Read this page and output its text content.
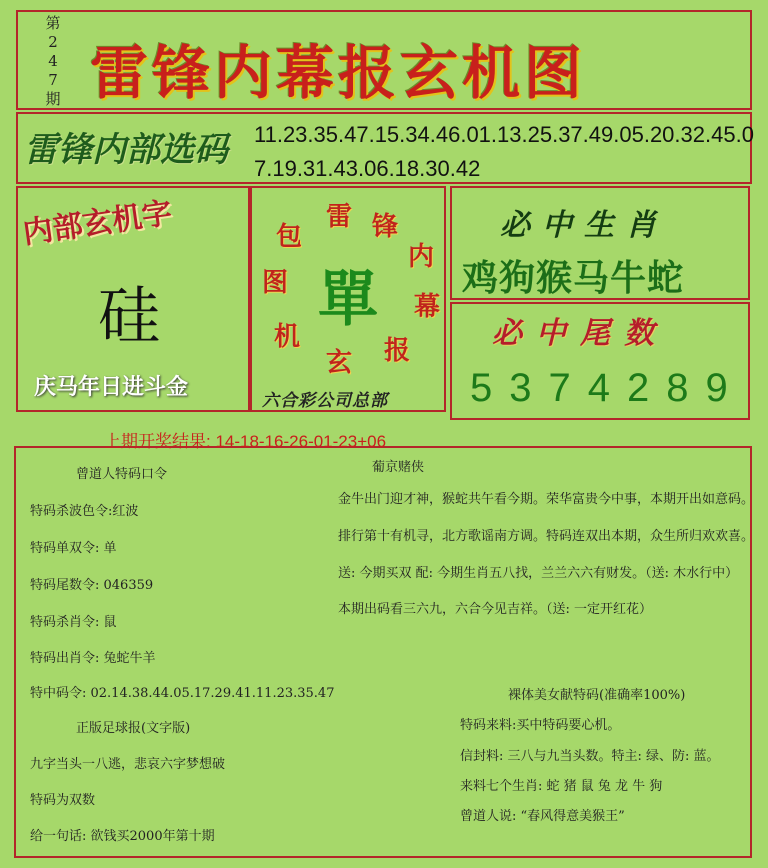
第
2
4
7
期 雷锋内幕报玄机图
雷锋内部选码 11.23.35.47.15.34.46.01.13.25.37.49.05.20.32.45.07.19.31.43.06.18.30.42
内部玄机字
硅
庆马年日进斗金
雷 锋
内
幕
报
玄
机
图
包
單
六合彩公司总部
必中生肖
鸡狗猴马牛蛇
必中尾数
5374289
上期开奖结果: 14-18-16-26-01-23+06
曾道人特码口令
特码杀波色令:红波
特码单双令: 单
特码尾数令: 046359
特码杀肖令: 鼠
特码出肖令: 兔蛇牛羊
特中码令: 02.14.38.44.05.17.29.41.11.23.35.47
正版足球报(文字版)
九字当头一八逃，悲哀六字梦想破
特码为双数
给一句话: 欲钱买2000年第十期
葡京赌侠
金牛出门迎才神，猴蛇共午看今期。荣华富贵今中事，本期开出如意码。
排行第十有机寻，北方歌谣南方调。特码连双出本期，众生所归欢欢喜。
送: 今期买双 配: 今期生肖五八找，兰兰六六有财发。（送: 木水行中）
本期出码看三六九，六合今见吉祥。（送: 一定开红花）
裸体美女献特码(准确率100%)
特码来料:买中特码要心机。
信封料: 三八与九当头数。特主: 绿、防: 蓝。
来料七个生肖: 蛇 猪 鼠 兔 龙 牛 狗
曾道人说: “春风得意美猴王”
